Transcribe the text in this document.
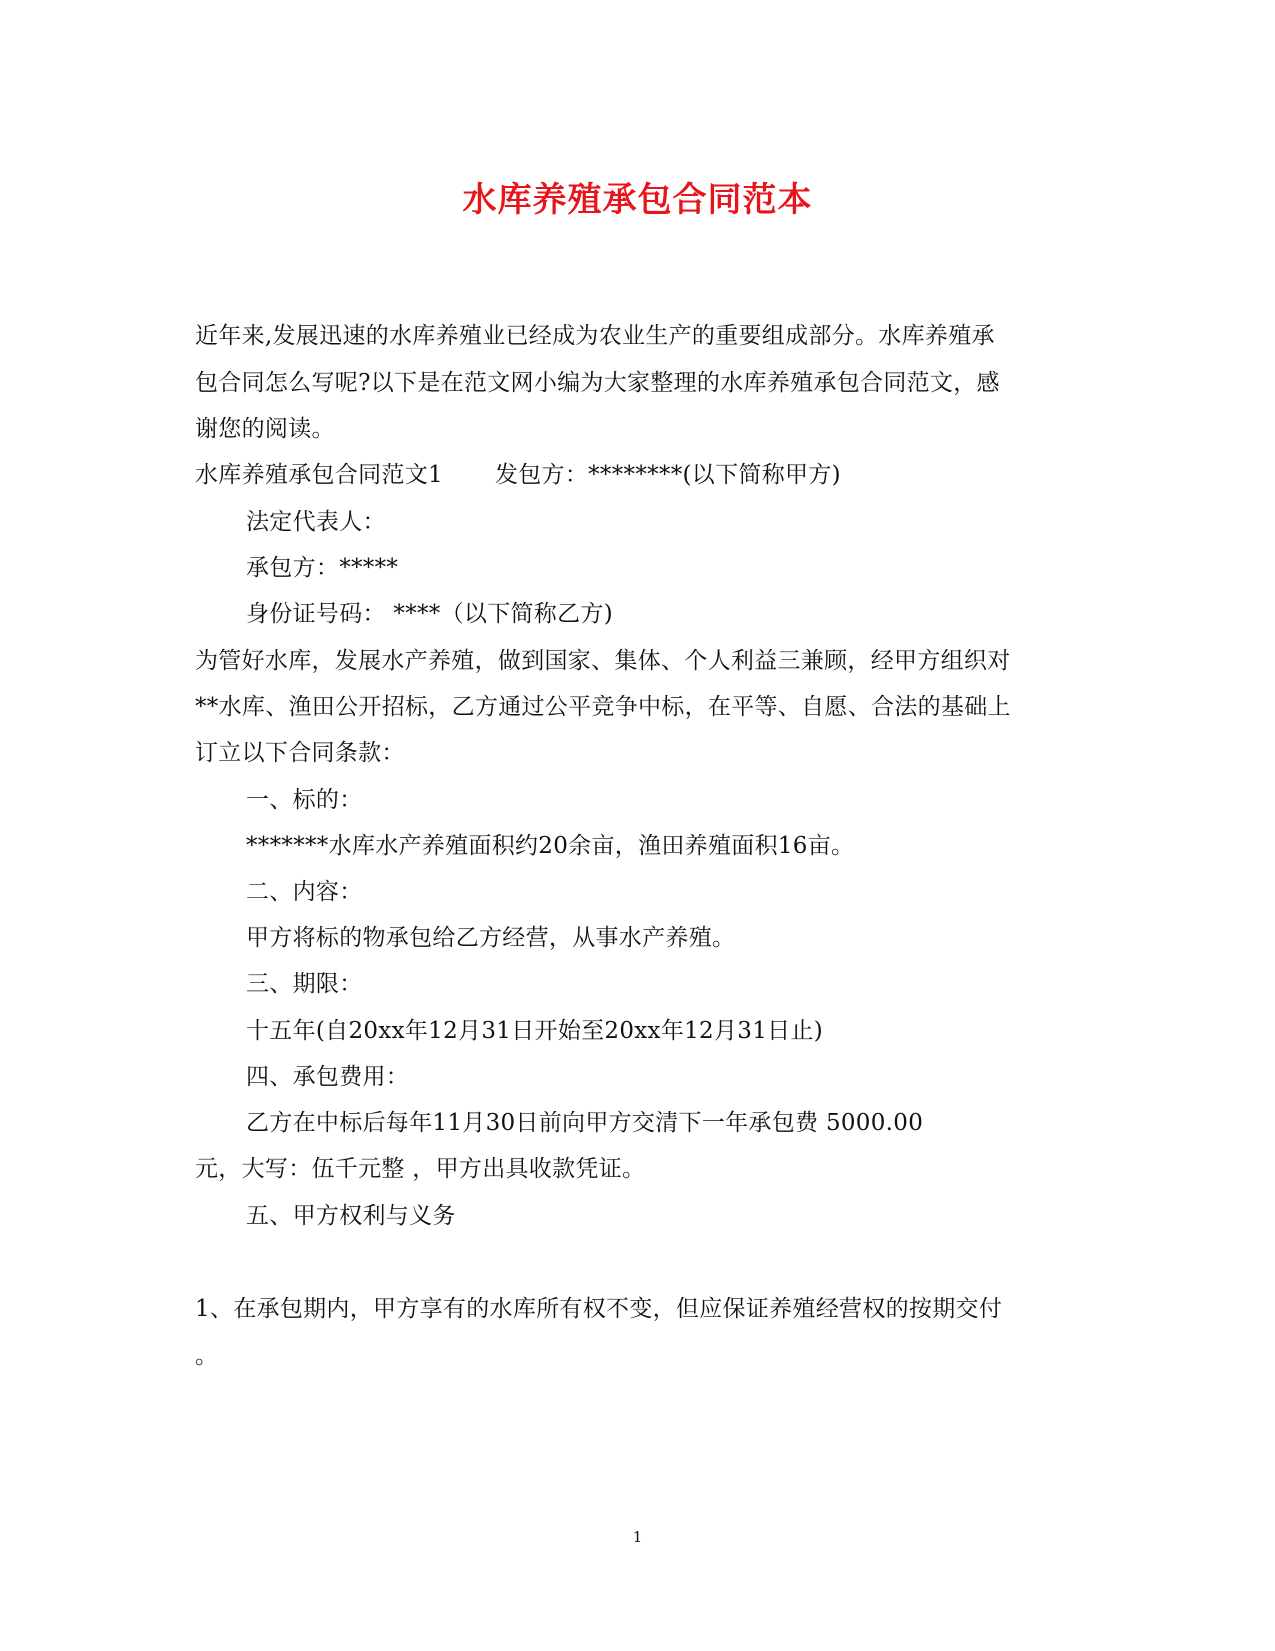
水库养殖承包合同范本
近年来,发展迅速的水库养殖业已经成为农业生产的重要组成部分。水库养殖承
包合同怎么写呢?以下是在范文网小编为大家整理的水库养殖承包合同范文，感
谢您的阅读。
水库养殖承包合同范文1 发包方：********(以下简称甲方)
法定代表人：
承包方：*****
身份证号码： ****（以下简称乙方)
为管好水库，发展水产养殖，做到国家、集体、个人利益三兼顾，经甲方组织对
**水库、渔田公开招标，乙方通过公平竞争中标，在平等、自愿、合法的基础上
订立以下合同条款：
一、标的：
*******水库水产养殖面积约20余亩，渔田养殖面积16亩。
二、内容：
甲方将标的物承包给乙方经营，从事水产养殖。
三、期限：
十五年(自20xx年12月31日开始至20xx年12月31日止)
四、承包费用：
乙方在中标后每年11月30日前向甲方交清下一年承包费 5000.00
元，大写：伍千元整 ，甲方出具收款凭证。
五、甲方权利与义务
1、在承包期内，甲方享有的水库所有权不变，但应保证养殖经营权的按期交付
。
1
